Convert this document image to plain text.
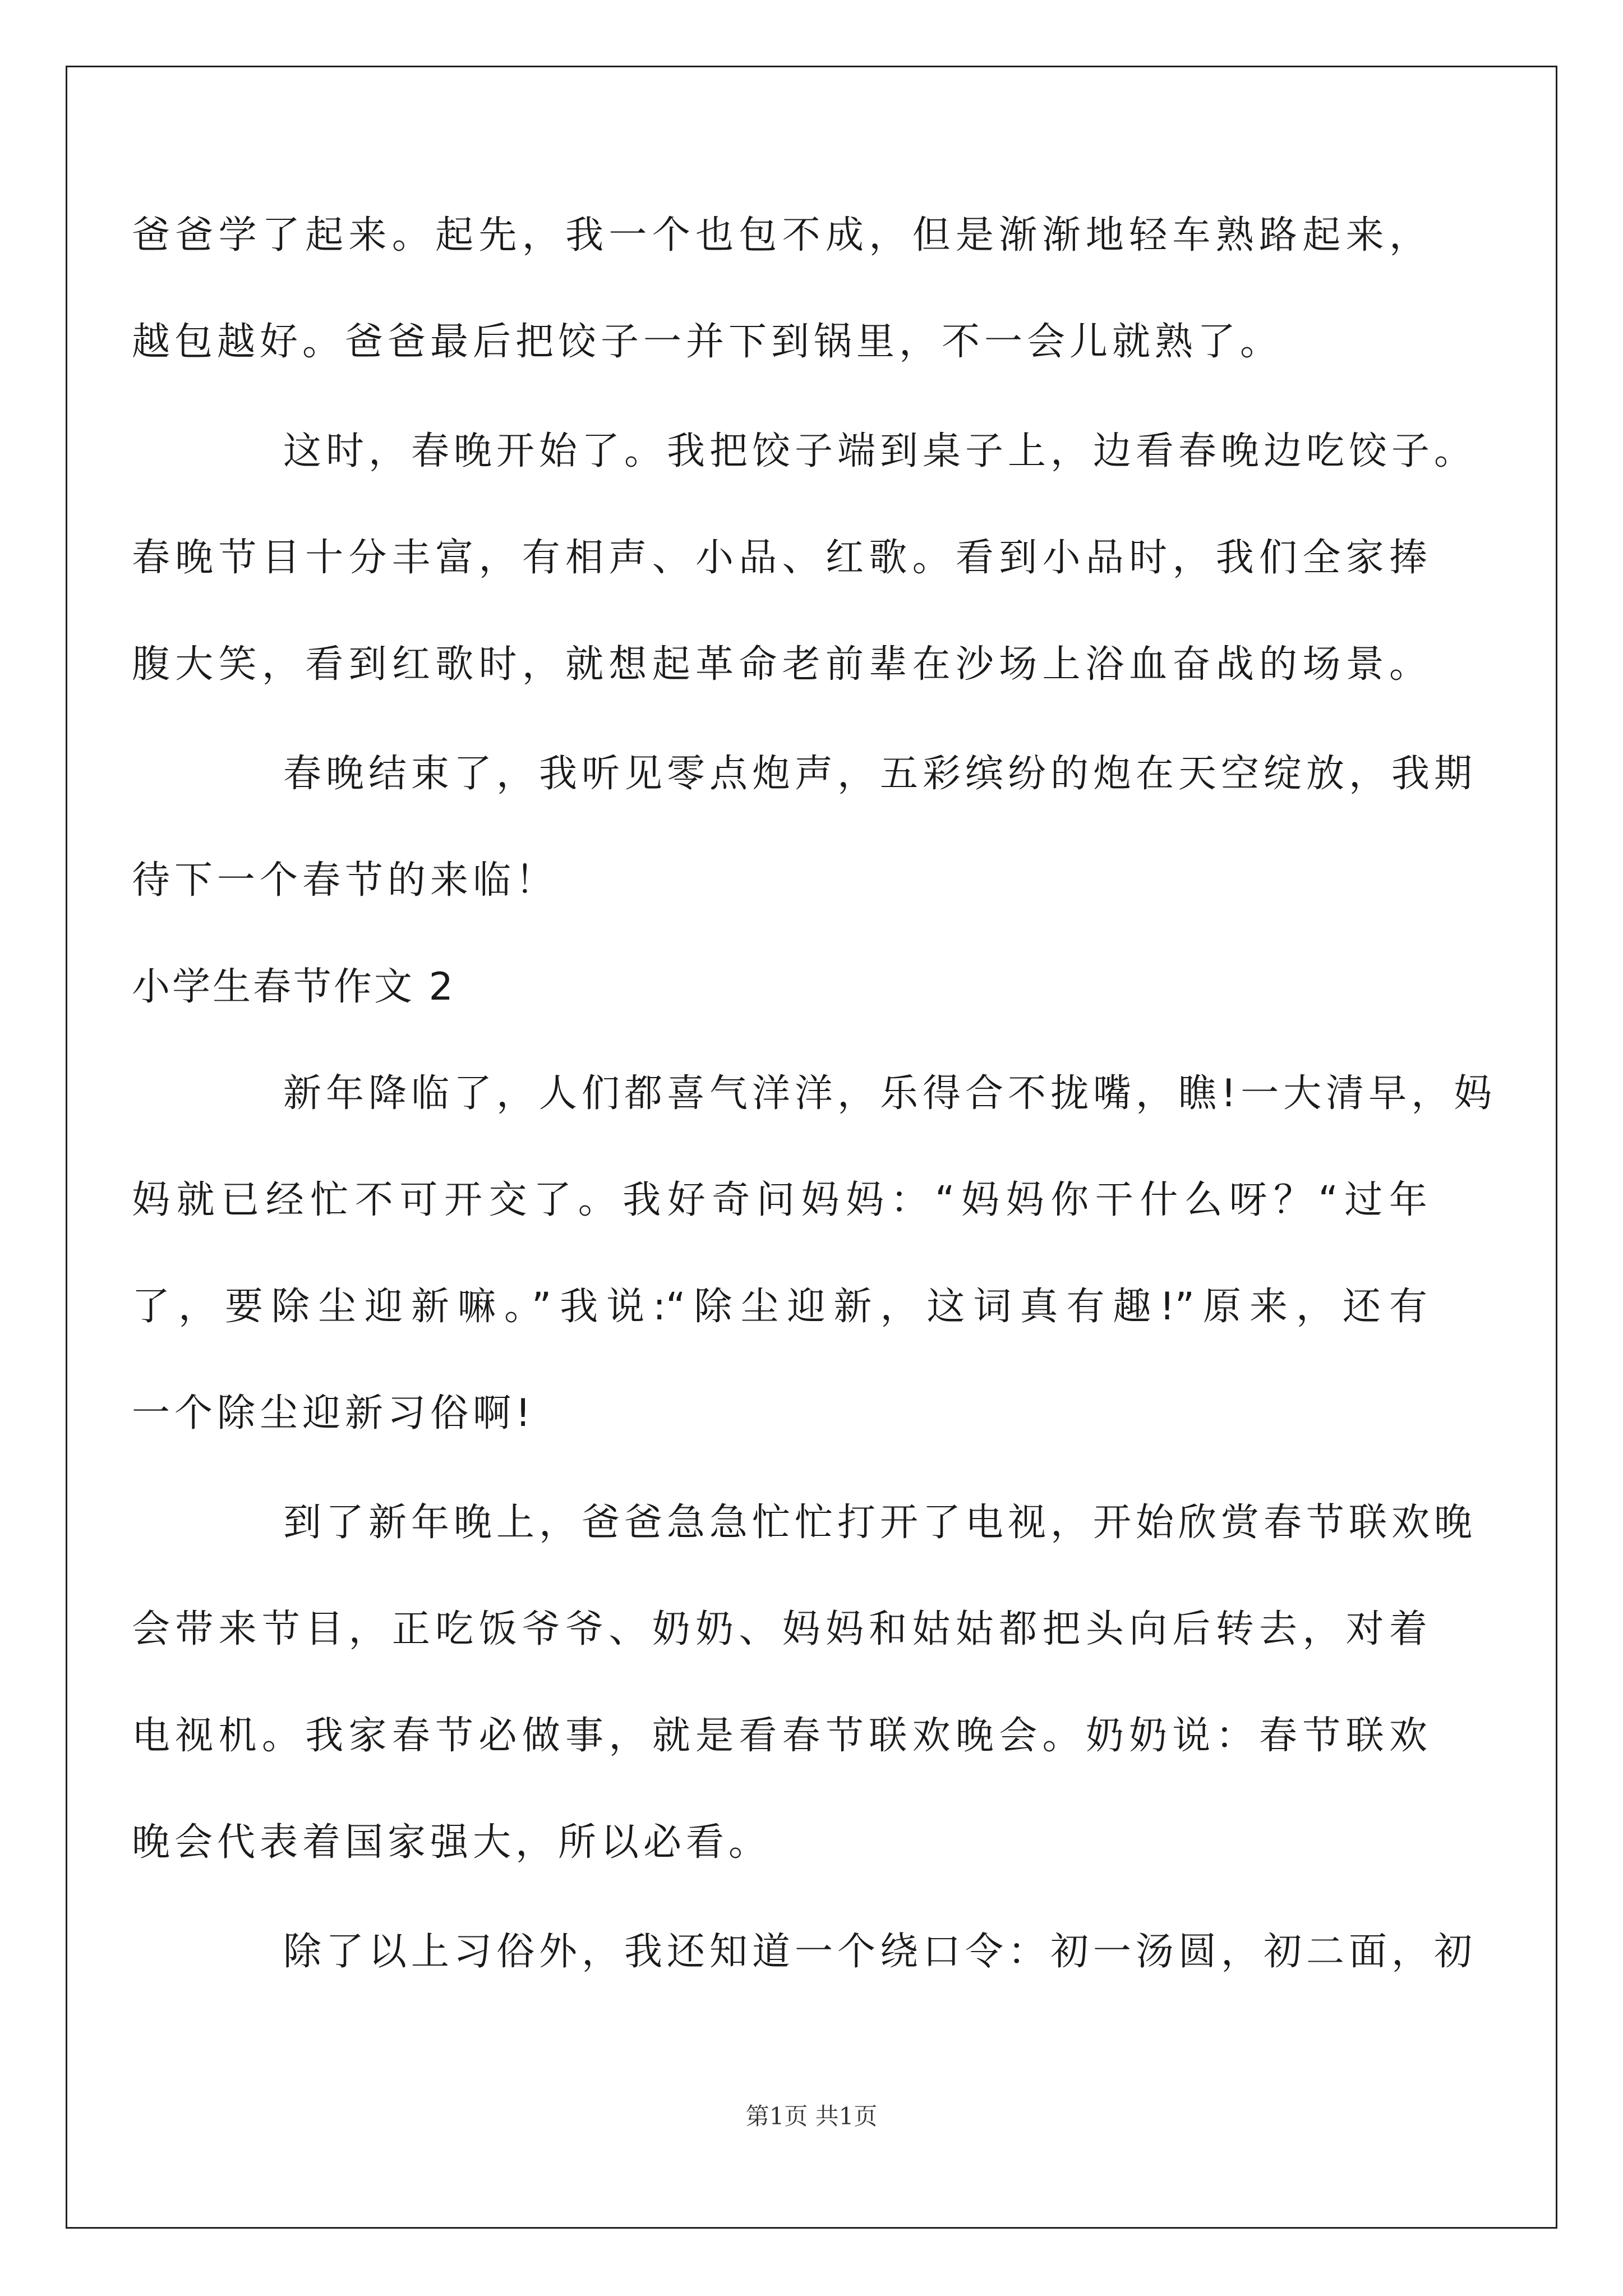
爸爸学了起来。起先，我一个也包不成，但是渐渐地轻车熟路起来，
越包越好。爸爸最后把饺子一并下到锅里，不一会儿就熟了。
这时，春晚开始了。我把饺子端到桌子上，边看春晚边吃饺子。
春晚节目十分丰富，有相声、小品、红歌。看到小品时，我们全家捧
腹大笑，看到红歌时，就想起革命老前辈在沙场上浴血奋战的场景。
春晚结束了，我听见零点炮声，五彩缤纷的炮在天空绽放，我期
待下一个春节的来临！
小学生春节作文 2
新年降临了，人们都喜气洋洋，乐得合不拢嘴，瞧!一大清早，妈
妈就已经忙不可开交了。我好奇问妈妈：“妈妈你干什么呀？“过年
了，要除尘迎新嘛。”我说:“除尘迎新，这词真有趣!”原来，还有
一个除尘迎新习俗啊!
到了新年晚上，爸爸急急忙忙打开了电视，开始欣赏春节联欢晚
会带来节目，正吃饭爷爷、奶奶、妈妈和姑姑都把头向后转去，对着
电视机。我家春节必做事，就是看春节联欢晚会。奶奶说：春节联欢
晚会代表着国家强大，所以必看。
除了以上习俗外，我还知道一个绕口令：初一汤圆，初二面，初
第1页 共1页
